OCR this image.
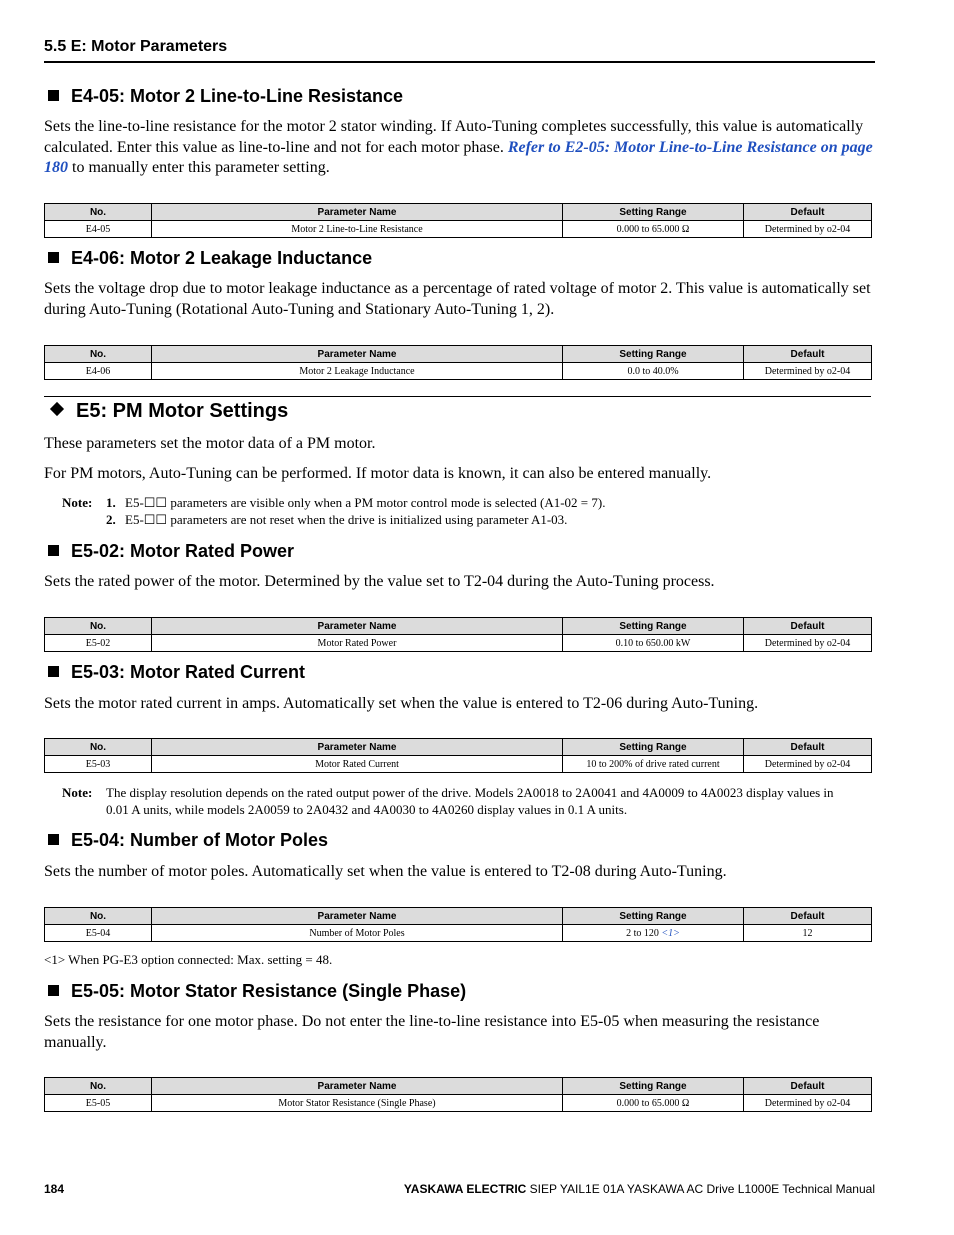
5.5 E: Motor Parameters
E4-05: Motor 2 Line-to-Line Resistance
Sets the line-to-line resistance for the motor 2 stator winding. If Auto-Tuning completes successfully, this value is automatically calculated. Enter this value as line-to-line and not for each motor phase. Refer to E2-05: Motor Line-to-Line Resistance on page 180 to manually enter this parameter setting.
No.	Parameter Name	Setting Range	Default
E4-05	Motor 2 Line-to-Line Resistance	0.000 to 65.000 Ω	Determined by o2-04
E4-06: Motor 2 Leakage Inductance
Sets the voltage drop due to motor leakage inductance as a percentage of rated voltage of motor 2. This value is automatically set during Auto-Tuning (Rotational Auto-Tuning and Stationary Auto-Tuning 1, 2).
No.	Parameter Name	Setting Range	Default
E4-06	Motor 2 Leakage Inductance	0.0 to 40.0%	Determined by o2-04
E5: PM Motor Settings
These parameters set the motor data of a PM motor.
For PM motors, Auto-Tuning can be performed. If motor data is known, it can also be entered manually.
Note: 1. E5-☐☐ parameters are visible only when a PM motor control mode is selected (A1-02 = 7).
2. E5-☐☐ parameters are not reset when the drive is initialized using parameter A1-03.
E5-02: Motor Rated Power
Sets the rated power of the motor. Determined by the value set to T2-04 during the Auto-Tuning process.
No.	Parameter Name	Setting Range	Default
E5-02	Motor Rated Power	0.10 to 650.00 kW	Determined by o2-04
E5-03: Motor Rated Current
Sets the motor rated current in amps. Automatically set when the value is entered to T2-06 during Auto-Tuning.
No.	Parameter Name	Setting Range	Default
E5-03	Motor Rated Current	10 to 200% of drive rated current	Determined by o2-04
Note: The display resolution depends on the rated output power of the drive. Models 2A0018 to 2A0041 and 4A0009 to 4A0023 display values in 0.01 A units, while models 2A0059 to 2A0432 and 4A0030 to 4A0260 display values in 0.1 A units.
E5-04: Number of Motor Poles
Sets the number of motor poles. Automatically set when the value is entered to T2-08 during Auto-Tuning.
No.	Parameter Name	Setting Range	Default
E5-04	Number of Motor Poles	2 to 120 <1>	12
<1> When PG-E3 option connected: Max. setting = 48.
E5-05: Motor Stator Resistance (Single Phase)
Sets the resistance for one motor phase. Do not enter the line-to-line resistance into E5-05 when measuring the resistance manually.
No.	Parameter Name	Setting Range	Default
E5-05	Motor Stator Resistance (Single Phase)	0.000 to 65.000 Ω	Determined by o2-04
184	YASKAWA ELECTRIC SIEP YAIL1E 01A YASKAWA AC Drive L1000E Technical Manual
